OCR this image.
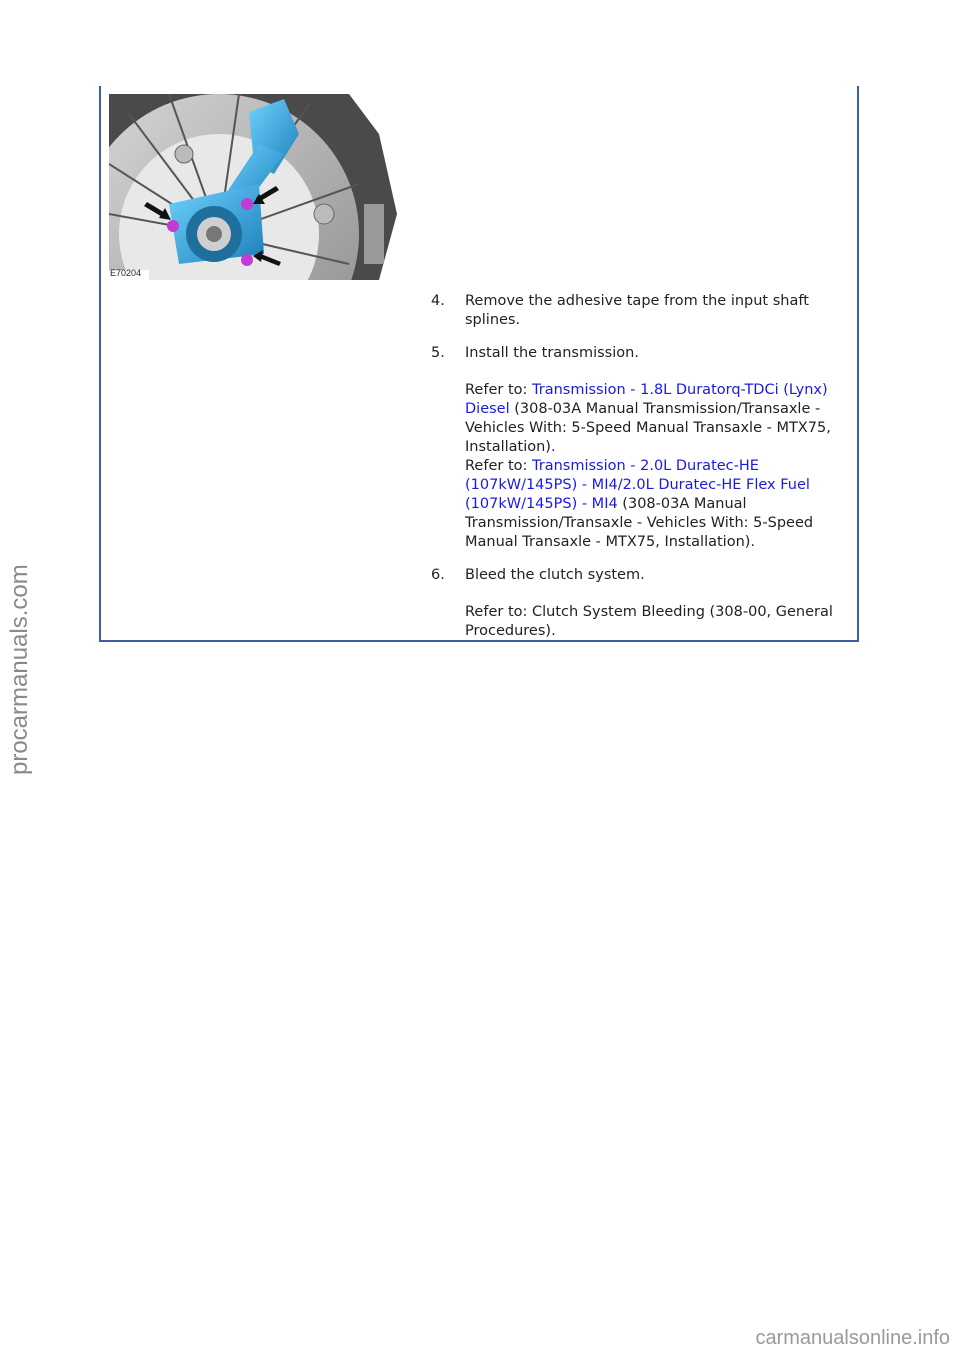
procarmanuals.com
E70204
4. Remove the adhesive tape from the input shaft splines.
5. Install the transmission.
Refer to: Transmission - 1.8L Duratorq-TDCi (Lynx) Diesel (308-03A Manual Transmission/Transaxle - Vehicles With: 5-Speed Manual Transaxle - MTX75, Installation).
Refer to: Transmission - 2.0L Duratec-HE (107kW/145PS) - MI4/2.0L Duratec-HE Flex Fuel (107kW/145PS) - MI4 (308-03A Manual Transmission/Transaxle - Vehicles With: 5-Speed Manual Transaxle - MTX75, Installation).
6. Bleed the clutch system.
Refer to: Clutch System Bleeding (308-00, General Procedures).
carmanualsonline.info
